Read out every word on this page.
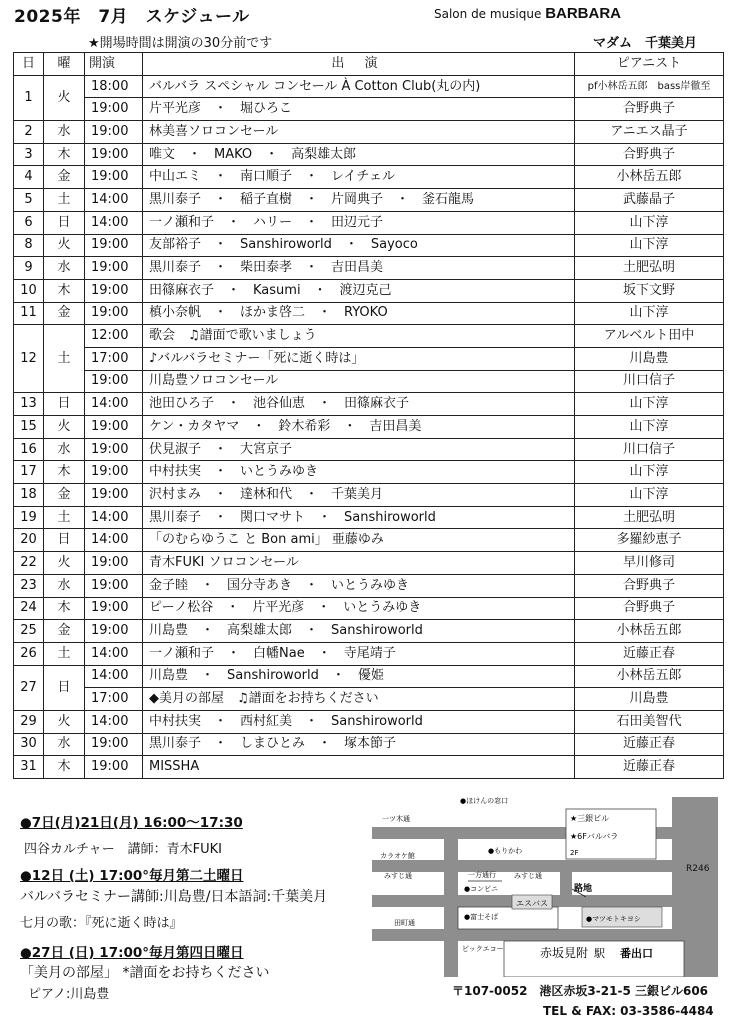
2025年　7月　スケジュール	Salon de musique BARBARA
★開場時間は開演の30分前です	マダム　千葉美月
日	曜	開演	出 演	ピアニスト
1	火	18:00	バルバラ スペシャル コンセール À Cotton Club(丸の内)	pf小林岳五郎　bass岸徹至
		19:00	片平光彦　・　堀ひろこ	合野典子
2	水	19:00	林美喜ソロコンセール	アニエス晶子
3	木	19:00	唯文　・　MAKO　・　高梨雄太郎	合野典子
4	金	19:00	中山エミ　・　南口順子　・　レイチェル	小林岳五郎
5	土	14:00	黒川泰子　・　稲子直樹　・　片岡典子　・　釜石龍馬	武藤晶子
6	日	14:00	一ノ瀬和子　・　ハリー　・　田辺元子	山下淳
8	火	19:00	友部裕子　・　Sanshiroworld　・　Sayoco	山下淳
9	水	19:00	黒川泰子　・　柴田泰孝　・　吉田昌美	土肥弘明
10	木	19:00	田篠麻衣子　・　Kasumi　・　渡辺克己	坂下文野
11	金	19:00	槙小奈帆　・　ほかま啓二　・　RYOKO	山下淳
12	土	12:00	歌会　♫譜面で歌いましょう	アルベルト田中
		17:00	♪バルバラセミナー「死に逝く時は」	川島豊
		19:00	川島豊ソロコンセール	川口信子
13	日	14:00	池田ひろ子　・　池谷仙恵　・　田篠麻衣子	山下淳
15	火	19:00	ケン・カタヤマ　・　鈴木希彩　・　吉田昌美	山下淳
16	水	19:00	伏見淑子　・　大宮京子	川口信子
17	木	19:00	中村扶実　・　いとうみゆき	山下淳
18	金	19:00	沢村まみ　・　達林和代　・　千葉美月	山下淳
19	土	14:00	黒川泰子　・　関口マサト　・　Sanshiroworld	土肥弘明
20	日	14:00	「のむらゆうこ と Bon ami」 亜藤ゆみ	多羅紗恵子
22	火	19:00	青木FUKI ソロコンセール	早川修司
23	水	19:00	金子睦　・　国分寺あき　・　いとうみゆき	合野典子
24	木	19:00	ピーノ松谷　・　片平光彦　・　いとうみゆき	合野典子
25	金	19:00	川島豊　・　高梨雄太郎　・　Sanshiroworld	小林岳五郎
26	土	14:00	一ノ瀬和子　・　白幡Nae　・　寺尾靖子	近藤正春
27	日	14:00	川島豊　・　Sanshiroworld　・　優姫	小林岳五郎
		17:00	◆美月の部屋　♫譜面をお持ちください	川島豊
29	火	14:00	中村扶実　・　西村紅美　・　Sanshiroworld	石田美智代
30	水	19:00	黒川泰子　・　しまひとみ　・　塚本節子	近藤正春
31	木	19:00	MISSHA	近藤正春
●7日(月)21日(月) 16:00～17:30
四谷カルチャー　講師：青木FUKI
●12日 (土) 17:00°毎月第二土曜日
バルバラセミナー講師:川島豊/日本語詞:千葉美月
七月の歌：『死に逝く時は』
●27日 (日) 17:00°毎月第四日曜日
「美月の部屋」 *譜面をお持ちください
ピアノ:川島豊
●ほけんの窓口
一ツ木通	★三銀ビル
★6Fバルバラ
2F
●もりかわ
カラオケ館
一方通行
みすじ通	みすじ通
●コンビニ
●富士そば
エスバス
路地
●マツモトキヨシ
R246
田町通
ビックエコー	赤坂見附 駅 番出口
〒107-0052　港区赤坂3-21-5 三銀ビル606
TEL & FAX: 03-3586-4484
